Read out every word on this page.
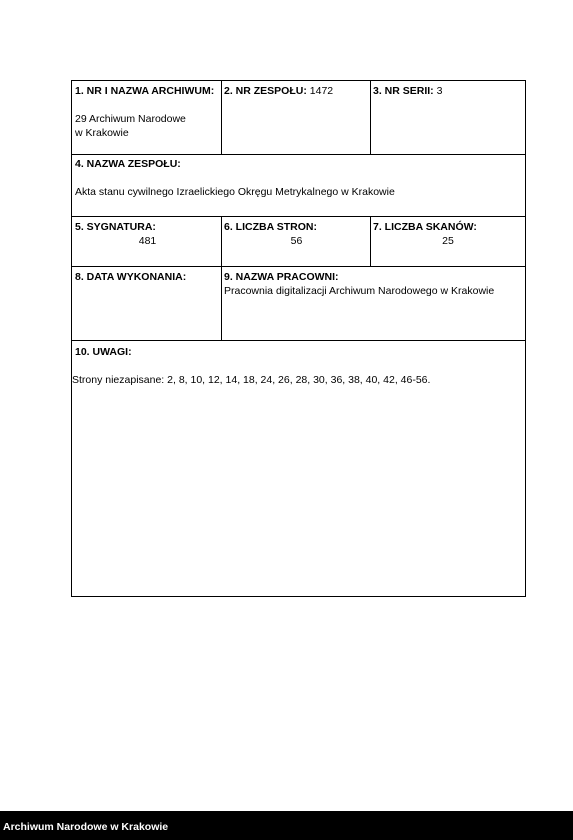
1. NR I NAZWA ARCHIWUM:
29 Archiwum Narodowe
w Krakowie
2. NR ZESPOŁU: 1472	3. NR SERII: 3
4. NAZWA ZESPOŁU:
Akta stanu cywilnego Izraelickiego Okręgu Metrykalnego w Krakowie
5. SYGNATURA:
481
6. LICZBA STRON:
56
7. LICZBA SKANÓW:
25
8. DATA WYKONANIA:	9. NAZWA PRACOWNI:
Pracownia digitalizacji Archiwum Narodowego w Krakowie
10. UWAGI:
Strony niezapisane: 2, 8, 10, 12, 14, 18, 24, 26, 28, 30, 36, 38, 40, 42, 46-56.
Archiwum Narodowe w Krakowie
